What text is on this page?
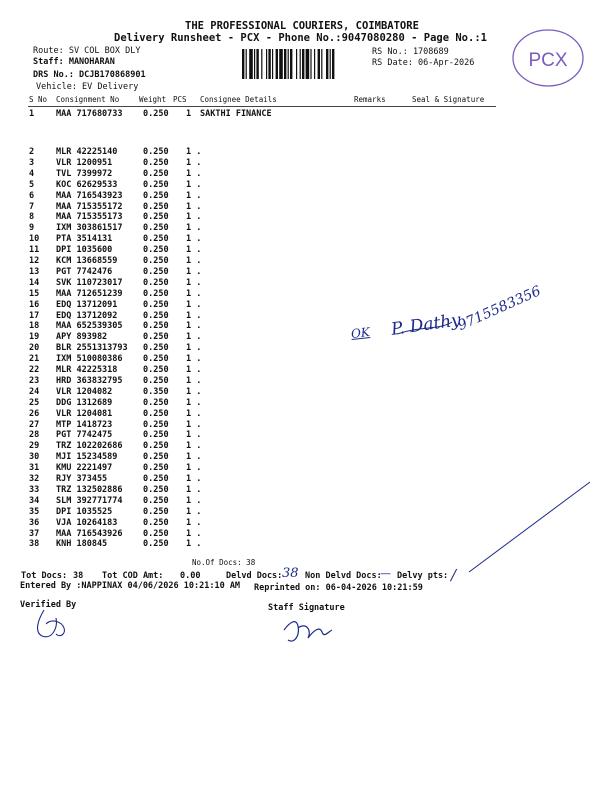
THE PROFESSIONAL COURIERS, COIMBATORE
Delivery Runsheet - PCX - Phone No.:9047080280 - Page No.:1
Route: SV COL BOX DLY
Staff: MANOHARAN
DRS No.: DCJB170868901
Vehicle: EV Delivery
RS No.: 1708689
RS Date: 06-Apr-2026	PCX
S No Consignment No	Weight PCS Consignee Details	Remarks	Seal & Signature
1	MAA 717680733 0.250 1 SAKTHI FINANCE
2	MLR 42225140	0.250 1 .
3	VLR 1200951	0.250 1 .
4	TVL 7399972	0.250 1 .
5	KOC 62629533	0.250 1 .
6	MAA 716543923 0.250 1 .
7	MAA 715355172 0.250 1 .
8	MAA 715355173 0.250 1 .
9	IXM 303861517 0.250 1 .
10 PTA 3514131	0.250 1 .
11 DPI 1035600	0.250 1 .
12 KCM 13668559	0.250 1 .
13 PGT 7742476	0.250 1 .
14 SVK 110723017 0.250 1 .
15 MAA 712651239 0.250 1 .
16 EDQ 13712091	0.250 1 .
17 EDQ 13712092	0.250 1 .
18 MAA 652539305 0.250 1 .
19 APY 893982	0.250 1 .
20 BLR 2551313793 0.250 1 .
21 IXM 510080386 0.250 1 .
22 MLR 42225318	0.250 1 .
23 HRD 363832795 0.250 1 .
24 VLR 1204082	0.350 1 .
25 DDG 1312689	0.250 1 .
26 VLR 1204081	0.250 1 .
27 MTP 1418723	0.250 1 .
28 PGT 7742475	0.250 1 .
29 TRZ 102202686 0.250 1 .
30 MJI 15234589	0.250 1 .
31 KMU 2221497	0.250 1 .
32 RJY 373455	0.250 1 .
33 TRZ 132502886 0.250 1 .
34 SLM 392771774 0.250 1 .
35 DPI 1035525	0.250 1 .
36 VJA 10264183	0.250 1 .
37 MAA 716543926 0.250 1 .
38 KNH 180845	0.250 1 .
No.Of Docs: 38
Tot Docs: 38 Tot COD Amt: 0.00	Delvd Docs:	Non Delvd Docs: Delvy pts:
Entered By :NAPPINAX 04/06/2026 10:21:10 AM Reprinted on: 06-04-2026 10:21:59
Verified By	Staff Signature
38	—	/
OK P. Dathy
9715583356
